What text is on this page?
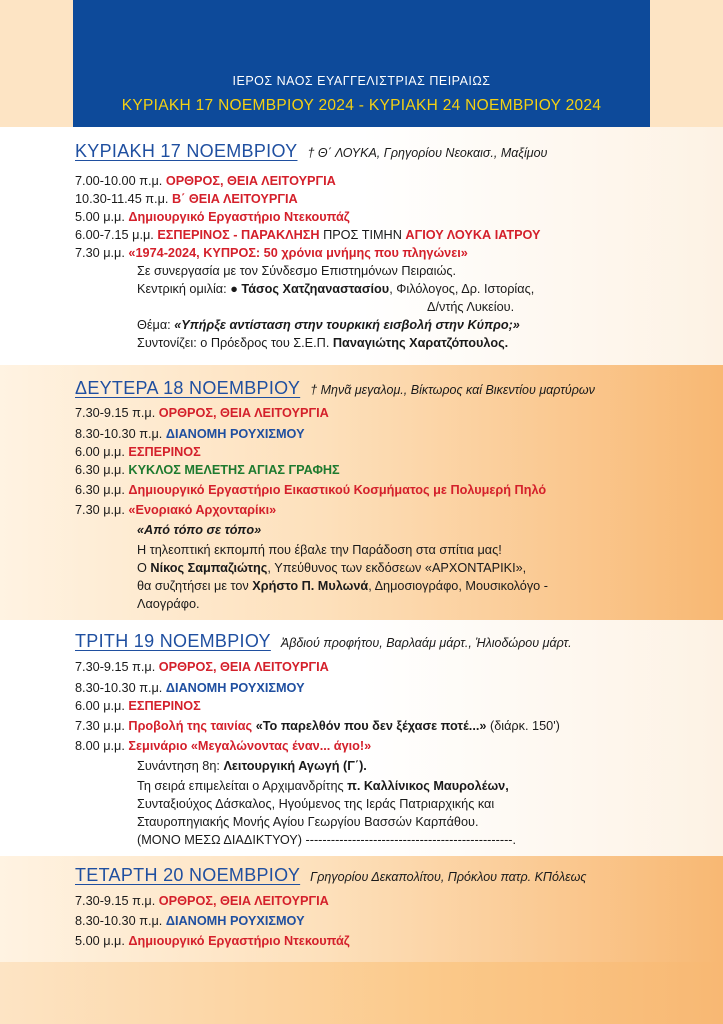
ΙΕΡΟΣ ΝΑΟΣ ΕΥΑΓΓΕΛΙΣΤΡΙΑΣ ΠΕΙΡΑΙΩΣ
ΚΥΡΙΑΚΗ 17 ΝΟΕΜΒΡΙΟΥ 2024 - ΚΥΡΙΑΚΗ 24 ΝΟΕΜΒΡΙΟΥ 2024
ΚΥΡΙΑΚΗ 17 ΝΟΕΜΒΡΙΟΥ † Θ΄ ΛΟΥΚΑ, Γρηγορίου Νεοκαισ., Μαξίμου
7.00-10.00 π.μ. ΟΡΘΡΟΣ, ΘΕΙΑ ΛΕΙΤΟΥΡΓΙΑ
10.30-11.45 π.μ. Β΄ ΘΕΙΑ ΛΕΙΤΟΥΡΓΙΑ
5.00 μ.μ. Δημιουργικό Εργαστήριο Ντεκουπάζ
6.00-7.15 μ.μ. ΕΣΠΕΡΙΝΟΣ - ΠΑΡΑΚΛΗΣΗ ΠΡΟΣ ΤΙΜΗΝ ΑΓΙΟΥ ΛΟΥΚΑ ΙΑΤΡΟΥ
7.30 μ.μ. «1974-2024, ΚΥΠΡΟΣ: 50 χρόνια μνήμης που πληγώνει»
Σε συνεργασία με τον Σύνδεσμο Επιστημόνων Πειραιώς.
Κεντρική ομιλία: ● Τάσος Χατζηαναστασίου, Φιλόλογος, Δρ. Ιστορίας,
Δ/ντής Λυκείου.
Θέμα: «Υπήρξε αντίσταση στην τουρκική εισβολή στην Κύπρο;»
Συντονίζει: ο Πρόεδρος του Σ.Ε.Π. Παναγιώτης Χαρατζόπουλος.
ΔΕΥΤΕΡΑ 18 ΝΟΕΜΒΡΙΟΥ † Μηνᾶ μεγαλομ., Βίκτωρος καί Βικεντίου μαρτύρων
7.30-9.15 π.μ. ΟΡΘΡΟΣ, ΘΕΙΑ ΛΕΙΤΟΥΡΓΙΑ
8.30-10.30 π.μ. ΔΙΑΝΟΜΗ ΡΟΥΧΙΣΜΟΥ
6.00 μ.μ. ΕΣΠΕΡΙΝΟΣ
6.30 μ.μ. ΚΥΚΛΟΣ ΜΕΛΕΤΗΣ ΑΓΙΑΣ ΓΡΑΦΗΣ
6.30 μ.μ. Δημιουργικό Εργαστήριο Εικαστικού Κοσμήματος με Πολυμερή Πηλό
7.30 μ.μ. «Ενοριακό Αρχονταρίκι»
«Από τόπο σε τόπο»
Η τηλεοπτική εκπομπή που έβαλε την Παράδοση στα σπίτια μας!
Ο Νίκος Σαμπαζιώτης, Υπεύθυνος των εκδόσεων «ΑΡΧΟΝΤΑΡΙΚΙ»,
θα συζητήσει με τον Χρήστο Π. Μυλωνά, Δημοσιογράφο, Μουσικολόγο -
Λαογράφο.
ΤΡΙΤΗ 19 ΝΟΕΜΒΡΙΟΥ Ἀβδιού προφήτου, Βαρλαάμ μάρτ., Ἡλιοδώρου μάρτ.
7.30-9.15 π.μ. ΟΡΘΡΟΣ, ΘΕΙΑ ΛΕΙΤΟΥΡΓΙΑ
8.30-10.30 π.μ. ΔΙΑΝΟΜΗ ΡΟΥΧΙΣΜΟΥ
6.00 μ.μ. ΕΣΠΕΡΙΝΟΣ
7.30 μ.μ. Προβολή της ταινίας «Το παρελθόν που δεν ξέχασε ποτέ...» (διάρκ. 150')
8.00 μ.μ. Σεμινάριο «Μεγαλώνοντας έναν... άγιο!»
Συνάντηση 8η: Λειτουργική Αγωγή (Γ΄).
Τη σειρά επιμελείται ο Αρχιμανδρίτης π. Καλλίνικος Μαυρολέων,
Συνταξιούχος Δάσκαλος, Ηγούμενος της Ιεράς Πατριαρχικής και
Σταυροπηγιακής Μονής Αγίου Γεωργίου Βασσών Καρπάθου.
(ΜΟΝΟ ΜΕΣΩ ΔΙΑΔΙΚΤΥΟΥ) -------------------------------------------------.
ΤΕΤΑΡΤΗ 20 ΝΟΕΜΒΡΙΟΥ Γρηγορίου Δεκαπολίτου, Πρόκλου πατρ. ΚΠόλεως
7.30-9.15 π.μ. ΟΡΘΡΟΣ, ΘΕΙΑ ΛΕΙΤΟΥΡΓΙΑ
8.30-10.30 π.μ. ΔΙΑΝΟΜΗ ΡΟΥΧΙΣΜΟΥ
5.00 μ.μ. Δημιουργικό Εργαστήριο Ντεκουπάζ
